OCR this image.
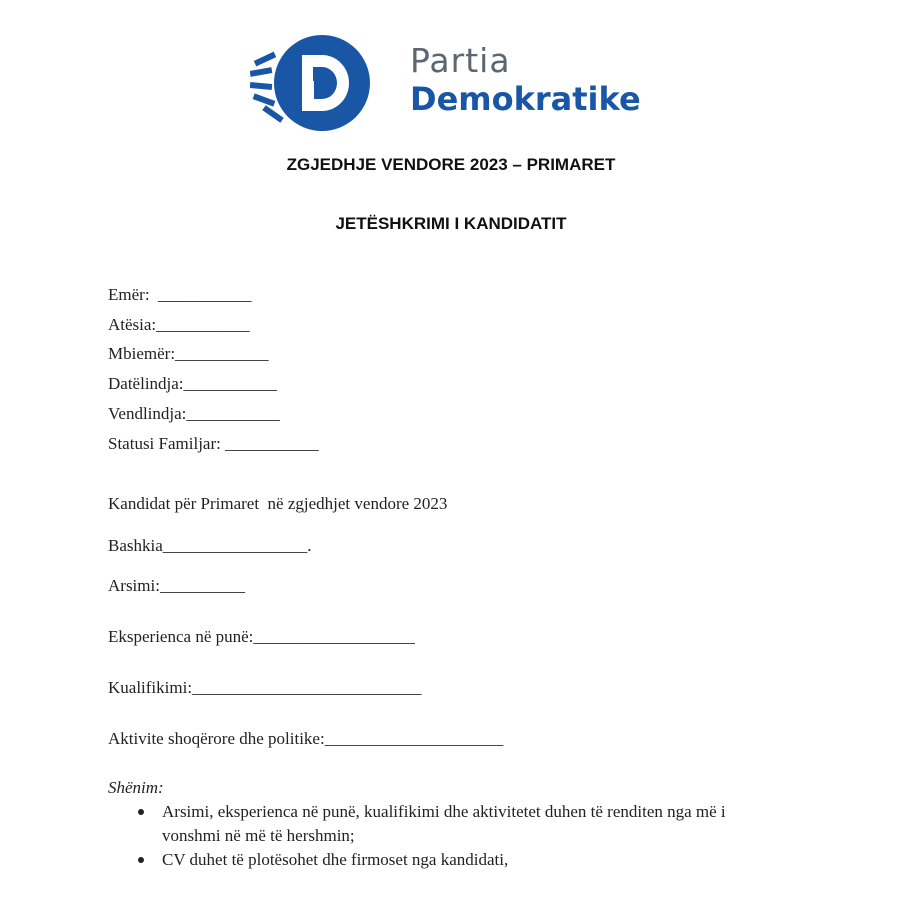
Partia
Demokratike
ZGJEDHJE VENDORE 2023 – PRIMARET
JETËSHKRIMI I KANDIDATIT
Emër:  ___________
Atësia:___________
Mbiemër:___________
Datëlindja:___________
Vendlindja:___________
Statusi Familjar: ___________
Kandidat për Primaret  në zgjedhjet vendore 2023
Bashkia_________________.
Arsimi:__________
Eksperienca në punë:___________________
Kualifikimi:___________________________
Aktivite shoqërore dhe politike:_____________________
Shënim:
Arsimi, eksperienca në punë, kualifikimi dhe aktivitetet duhen të renditen nga më i
vonshmi në më të hershmin;
CV duhet të plotësohet dhe firmoset nga kandidati,
